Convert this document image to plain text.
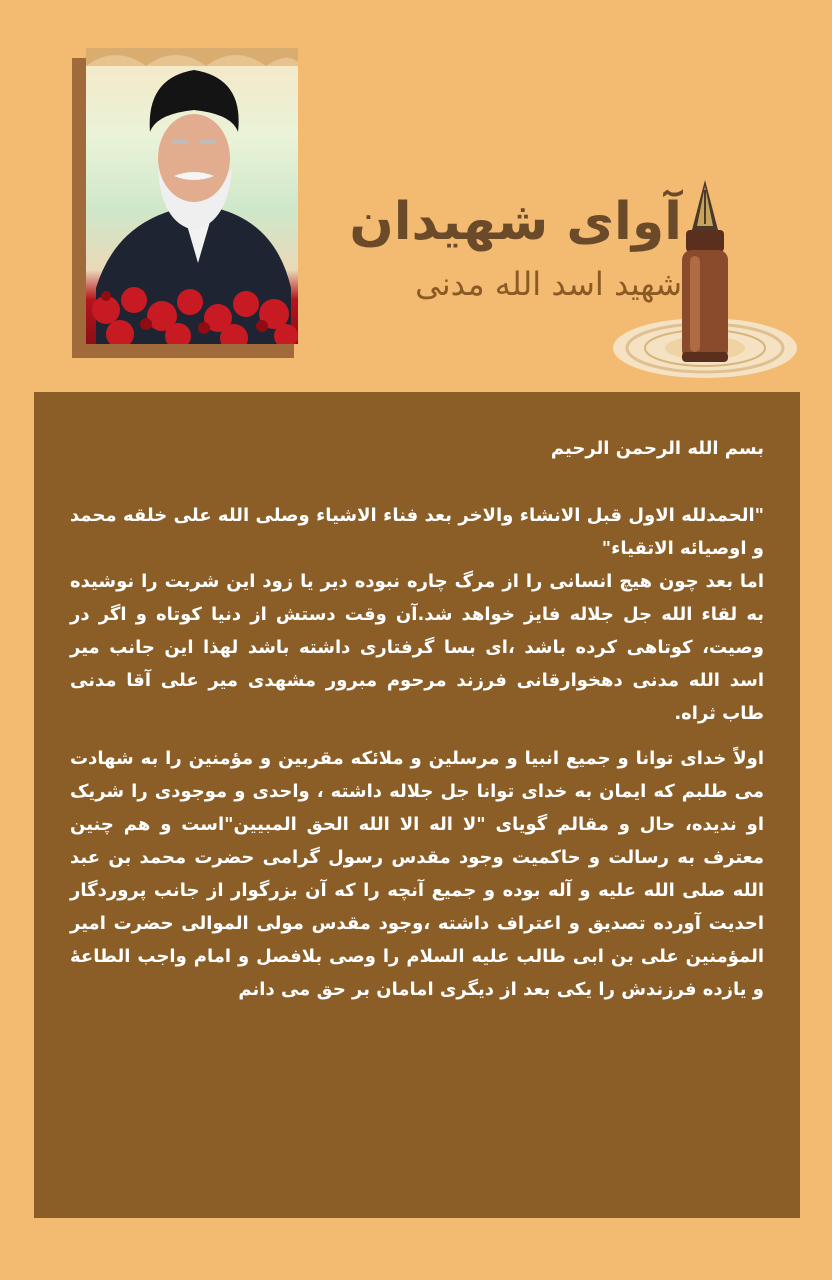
آوای شهیدان
شهید اسد الله مدنی

بسم الله الرحمن الرحیم

"الحمدلله الاول قبل الانشاء والاخر بعد فناء الاشیاء وصلی الله علی خلقه محمد و اوصیائه الاتقیاء"

اما بعد چون هیچ انسانی را از مرگ چاره نبوده دیر یا زود این شربت را نوشیده به لقاء الله جل جلاله فایز خواهد شد.آن وقت دستش از دنیا کوتاه و اگر در وصیت، کوتاهی کرده باشد ،ای بسا گرفتاری داشته باشد لهذا این جانب میر اسد الله مدنی دهخوارقانی فرزند مرحوم مبرور مشهدی میر علی آقا مدنی طاب ثراه.

اولاً خدای توانا و جمیع انبیا و مرسلین و ملائکه مقربین و مؤمنین را به شهادت می طلبم که ایمان به خدای توانا جل جلاله داشته ، واحدی و موجودی را شریک او ندیده، حال و مقالم گویای "لا اله الا الله الحق المبیین"است و هم چنین معترف به رسالت و حاکمیت وجود مقدس رسول گرامی حضرت محمد بن عبد الله صلی الله علیه و آله بوده و جمیع آنچه را که آن بزرگوار از جانب پروردگار احدیت آورده تصدیق و اعتراف داشته ،وجود مقدس مولی الموالی حضرت امیر المؤمنین علی بن ابی طالب علیه السلام را وصی بلافصل و امام واجب الطاعهٔ و یازده فرزندش را یکی بعد از دیگری امامان بر حق می دانم
